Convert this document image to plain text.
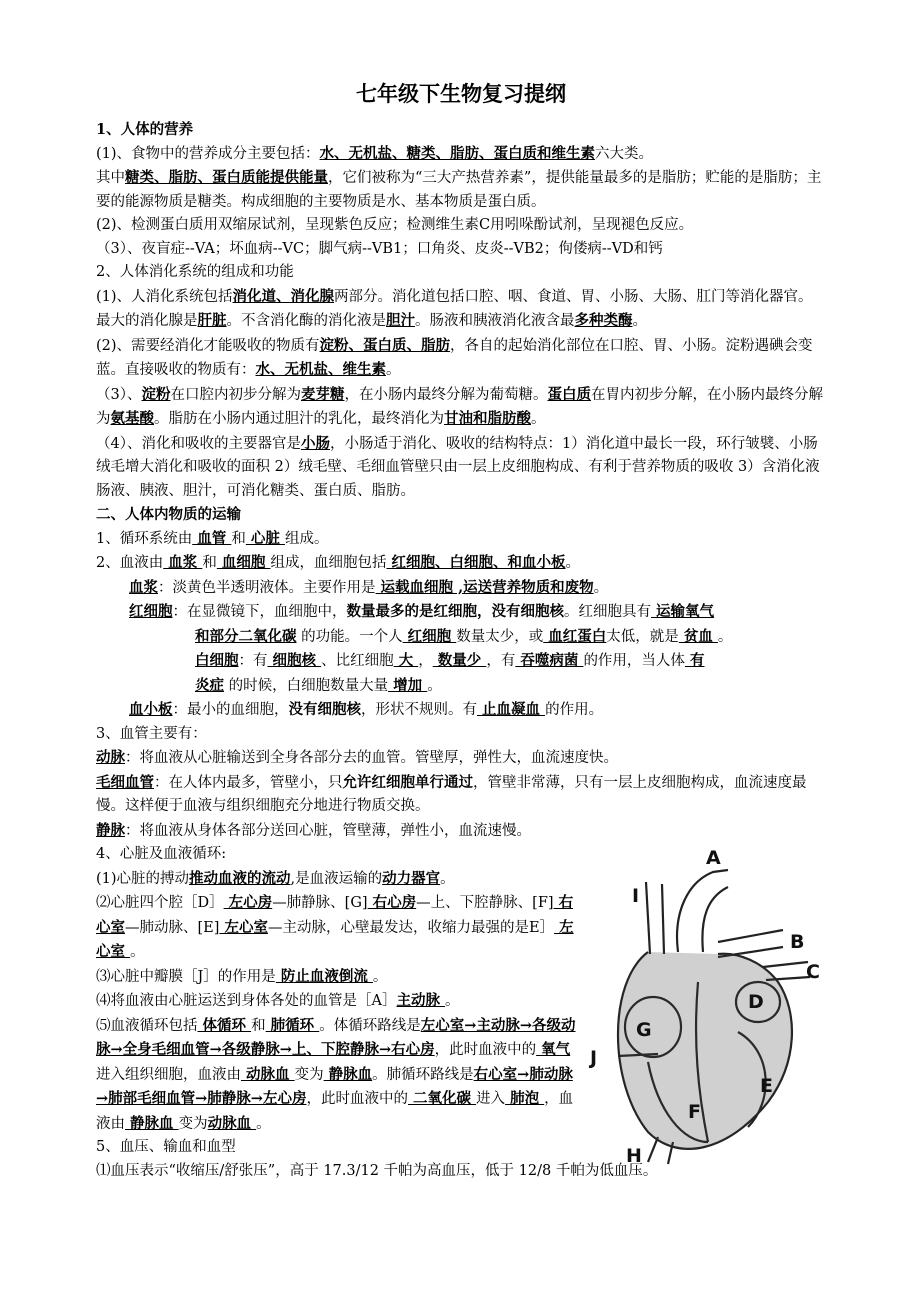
七年级下生物复习提纲

1、人体的营养

(1)、食物中的营养成分主要包括：水、无机盐、糖类、脂肪、蛋白质和维生素六大类。

其中糖类、脂肪、蛋白质能提供能量，它们被称为“三大产热营养素”，提供能量最多的是脂肪；贮能的是脂肪；主要的能源物质是糖类。构成细胞的主要物质是水、基本物质是蛋白质。

(2)、检测蛋白质用双缩尿试剂，呈现紫色反应；检测维生素C用吲哚酚试剂，呈现褪色反应。

（3）、夜盲症--VA；坏血病--VC；脚气病--VB1；口角炎、皮炎--VB2；佝偻病--VD和钙

2、人体消化系统的组成和功能

(1)、人消化系统包括消化道、消化腺两部分。消化道包括口腔、咽、食道、胃、小肠、大肠、肛门等消化器官。最大的消化腺是肝脏。不含消化酶的消化液是胆汁。肠液和胰液消化液含最多种类酶。

(2)、需要经消化才能吸收的物质有淀粉、蛋白质、脂肪，各自的起始消化部位在口腔、胃、小肠。淀粉遇碘会变蓝。直接吸收的物质有：水、无机盐、维生素。

（3）、淀粉在口腔内初步分解为麦芽糖，在小肠内最终分解为葡萄糖。蛋白质在胃内初步分解，在小肠内最终分解为氨基酸。脂肪在小肠内通过胆汁的乳化，最终消化为甘油和脂肪酸。

（4）、消化和吸收的主要器官是小肠，小肠适于消化、吸收的结构特点：1）消化道中最长一段，环行皱襞、小肠绒毛增大消化和吸收的面积 2）绒毛壁、毛细血管壁只由一层上皮细胞构成、有利于营养物质的吸收 3）含消化液肠液、胰液、胆汁，可消化糖类、蛋白质、脂肪。

二、人体内物质的运输

1、循环系统由 血管 和 心脏 组成。

2、血液由 血浆 和 血细胞 组成，血细胞包括 红细胞、白细胞、和血小板。

血浆：淡黄色半透明液体。主要作用是 运载血细胞 ,运送营养物质和废物。

红细胞：在显微镜下，血细胞中，数量最多的是红细胞，没有细胞核。红细胞具有 运输氧气

和部分二氧化碳 的功能。一个人 红细胞 数量太少，或 血红蛋白太低，就是 贫血 。

白细胞：有 细胞核 、比红细胞 大 ， 数量少 ，有 吞噬病菌 的作用，当人体 有

炎症 的时候，白细胞数量大量 增加 。

血小板：最小的血细胞，没有细胞核，形状不规则。有 止血凝血 的作用。

3、血管主要有：

动脉：将血液从心脏输送到全身各部分去的血管。管壁厚，弹性大，血流速度快。

毛细血管：在人体内最多，管壁小，只允许红细胞单行通过，管壁非常薄，只有一层上皮细胞构成，血流速度最慢。这样便于血液与组织细胞充分地进行物质交换。

静脉：将血液从身体各部分送回心脏，管壁薄，弹性小，血流速慢。

4、心脏及血液循环:

(1)心脏的搏动推动血液的流动,是血液运输的动力器官。

⑵心脏四个腔［D］ 左心房—肺静脉、[G] 右心房—上、下腔静脉、[F] 右心室—肺动脉、[E] 左心室—主动脉，心壁最发达，收缩力最强的是E］ 左心室 。

⑶心脏中瓣膜［J］的作用是 防止血液倒流 。

⑷将血液由心脏运送到身体各处的血管是［A］主动脉 。

⑸血液循环包括 体循环 和 肺循环 。体循环路线是左心室→主动脉→各级动脉→全身毛细血管→各级静脉→上、下腔静脉→右心房，此时血液中的 氧气 进入组织细胞，血液由 动脉血 变为 静脉血。肺循环路线是右心室→肺动脉→肺部毛细血管→肺静脉→左心房，此时血液中的 二氧化碳 进入 肺泡 ，血液由 静脉血 变为动脉血 。

5、血压、输血和血型

⑴血压表示“收缩压/舒张压”，高于 17.3/12 千帕为高血压，低于 12/8 千帕为低血压。

A
B
C
D
E
F
G
H
I
J
